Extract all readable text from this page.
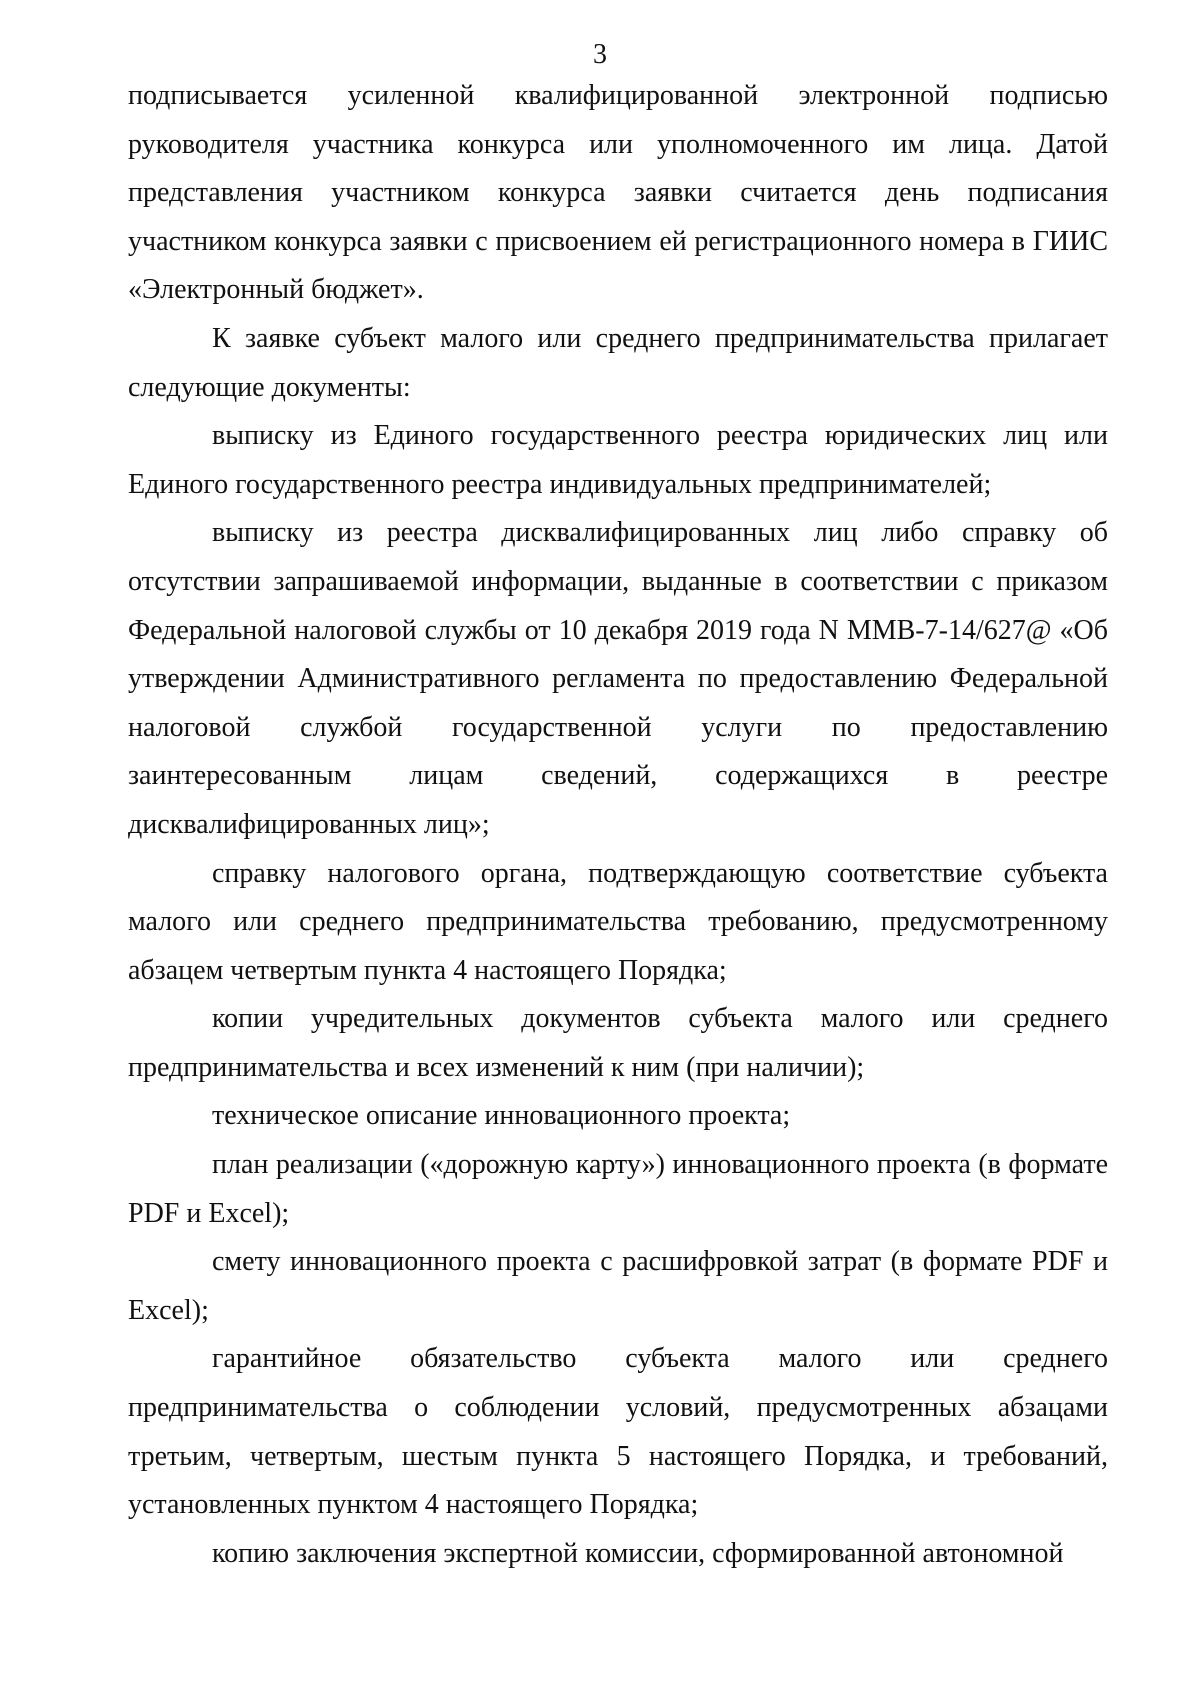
3

подписывается усиленной квалифицированной электронной подписью руководителя участника конкурса или уполномоченного им лица. Датой представления участником конкурса заявки считается день подписания участником конкурса заявки с присвоением ей регистрационного номера в ГИИС «Электронный бюджет».

К заявке субъект малого или среднего предпринимательства прилагает следующие документы:

выписку из Единого государственного реестра юридических лиц или Единого государственного реестра индивидуальных предпринимателей;

выписку из реестра дисквалифицированных лиц либо справку об отсутствии запрашиваемой информации, выданные в соответствии с приказом Федеральной налоговой службы от 10 декабря 2019 года N ММВ-7-14/627@ «Об утверждении Административного регламента по предоставлению Федеральной налоговой службой государственной услуги по предоставлению заинтересованным лицам сведений, содержащихся в реестре дисквалифицированных лиц»;

справку налогового органа, подтверждающую соответствие субъекта малого или среднего предпринимательства требованию, предусмотренному абзацем четвертым пункта 4 настоящего Порядка;

копии учредительных документов субъекта малого или среднего предпринимательства и всех изменений к ним (при наличии);

техническое описание инновационного проекта;

план реализации («дорожную карту») инновационного проекта (в формате PDF и Excel);

смету инновационного проекта с расшифровкой затрат (в формате PDF и Excel);

гарантийное обязательство субъекта малого или среднего предпринимательства о соблюдении условий, предусмотренных абзацами третьим, четвертым, шестым пункта 5 настоящего Порядка, и требований, установленных пунктом 4 настоящего Порядка;

копию заключения экспертной комиссии, сформированной автономной
